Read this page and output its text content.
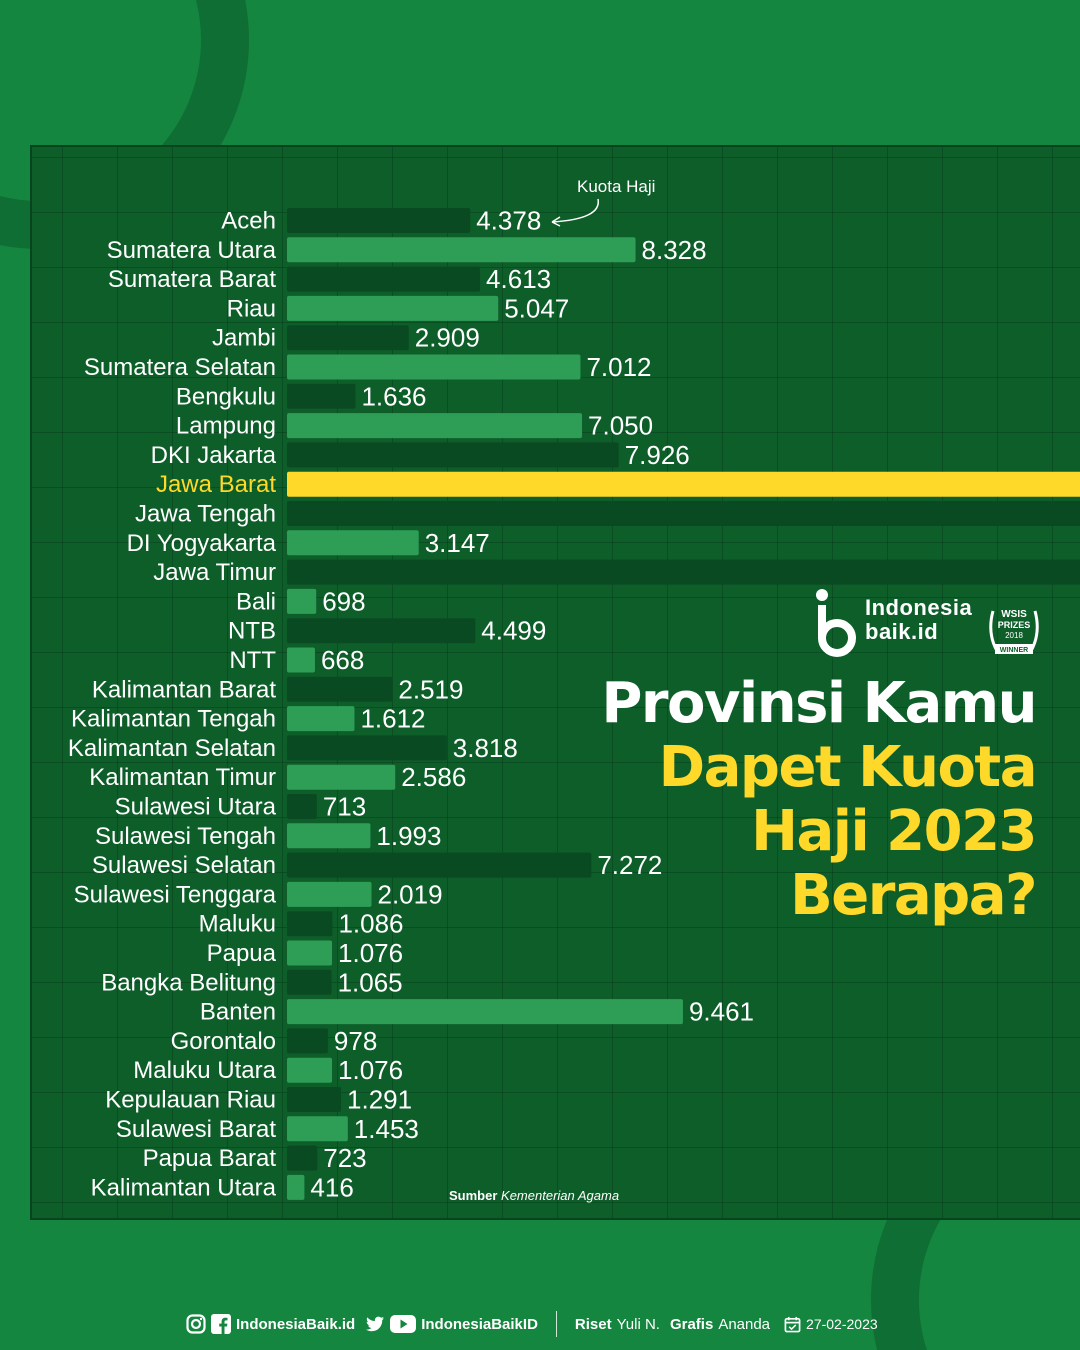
Aceh	4.378
Sumatera Utara	8.328
Sumatera Barat	4.613
Riau	5.047
Jambi	2.909
Sumatera Selatan	7.012
Bengkulu	1.636
Lampung	7.050
DKI Jakarta	7.926
Jawa Barat
Jawa Tengah
DI Yogyakarta	3.147
Jawa Timur
Bali 698
NTB	4.499
NTT 668
Kalimantan Barat	2.519
Kalimantan Tengah	1.612
Kalimantan Selatan	3.818
Kalimantan Timur	2.586
Sulawesi Utara 713
Sulawesi Tengah	1.993
Sulawesi Selatan	7.272
Sulawesi Tenggara	2.019
Maluku 1.086
Papua 1.076
Bangka Belitung 1.065
Banten	9.461
Gorontalo 978
Maluku Utara 1.076
Kepulauan Riau	1.291
Sulawesi Barat	1.453
Papua Barat 723
Kalimantan Utara 416
Kuota Haji
Indonesia
baik.id
WSIS
PRIZES
2018
WINNER
Provinsi Kamu
Dapet Kuota
Haji 2023
Berapa?
Sumber Kementerian Agama
IndonesiaBaik.id	IndonesiaBaikID Riset Yuli N. Grafis Ananda	27-02-2023
